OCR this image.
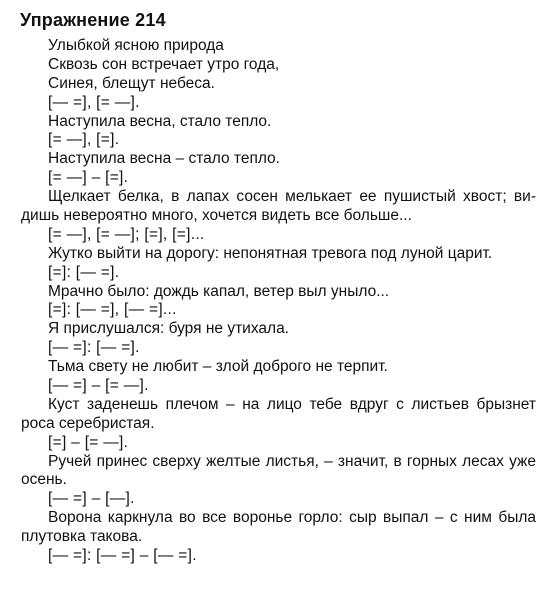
Упражнение 214
Улыбкой ясною природа
Сквозь сон встречает утро года,
Синея, блещут небеса.
[— =], [= —].
Наступила весна, стало тепло.
[= —], [=].
Наступила весна – стало тепло.
[= —] – [=].
Щелкает белка, в лапах сосен мелькает ее пушистый хвост; ви-
дишь невероятно много, хочется видеть все больше...
[= —], [= —]; [=], [=]...
Жутко выйти на дорогу: непонятная тревога под луной царит.
[=]: [— =].
Мрачно было: дождь капал, ветер выл уныло...
[=]: [— =], [— =]...
Я прислушался: буря не утихала.
[— =]: [— =].
Тьма свету не любит – злой доброго не терпит.
[— =] – [= —].
Куст заденешь плечом – на лицо тебе вдруг с листьев брызнет
роса серебристая.
[=] – [= —].
Ручей принес сверху желтые листья, – значит, в горных лесах уже
осень.
[— =] – [—].
Ворона каркнула во все воронье горло: сыр выпал – с ним была
плутовка такова.
[— =]: [— =] – [— =].
